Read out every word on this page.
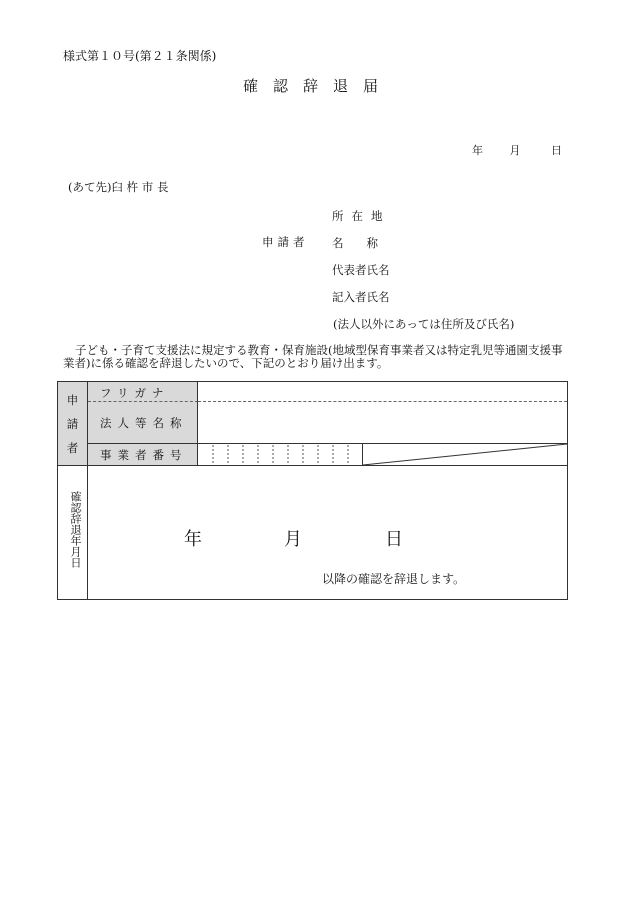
様式第１０号(第２１条関係)
確認辞退届
年 月	日
(あて先)臼 杵 市 長
申請者
所在地
名　　称
代表者氏名
記入者氏名
(法人以外にあっては住所及び氏名)
子ども・子育て支援法に規定する教育・保育施設(地域型保育事業者又は特定乳児等通園支援事業者)に係る確認を辞退したいので、下記のとおり届け出ます。
申
請
者
フリガナ
法人等名称
事業者番号
確認辞退年月日	年	月	日
以降の確認を辞退します。
